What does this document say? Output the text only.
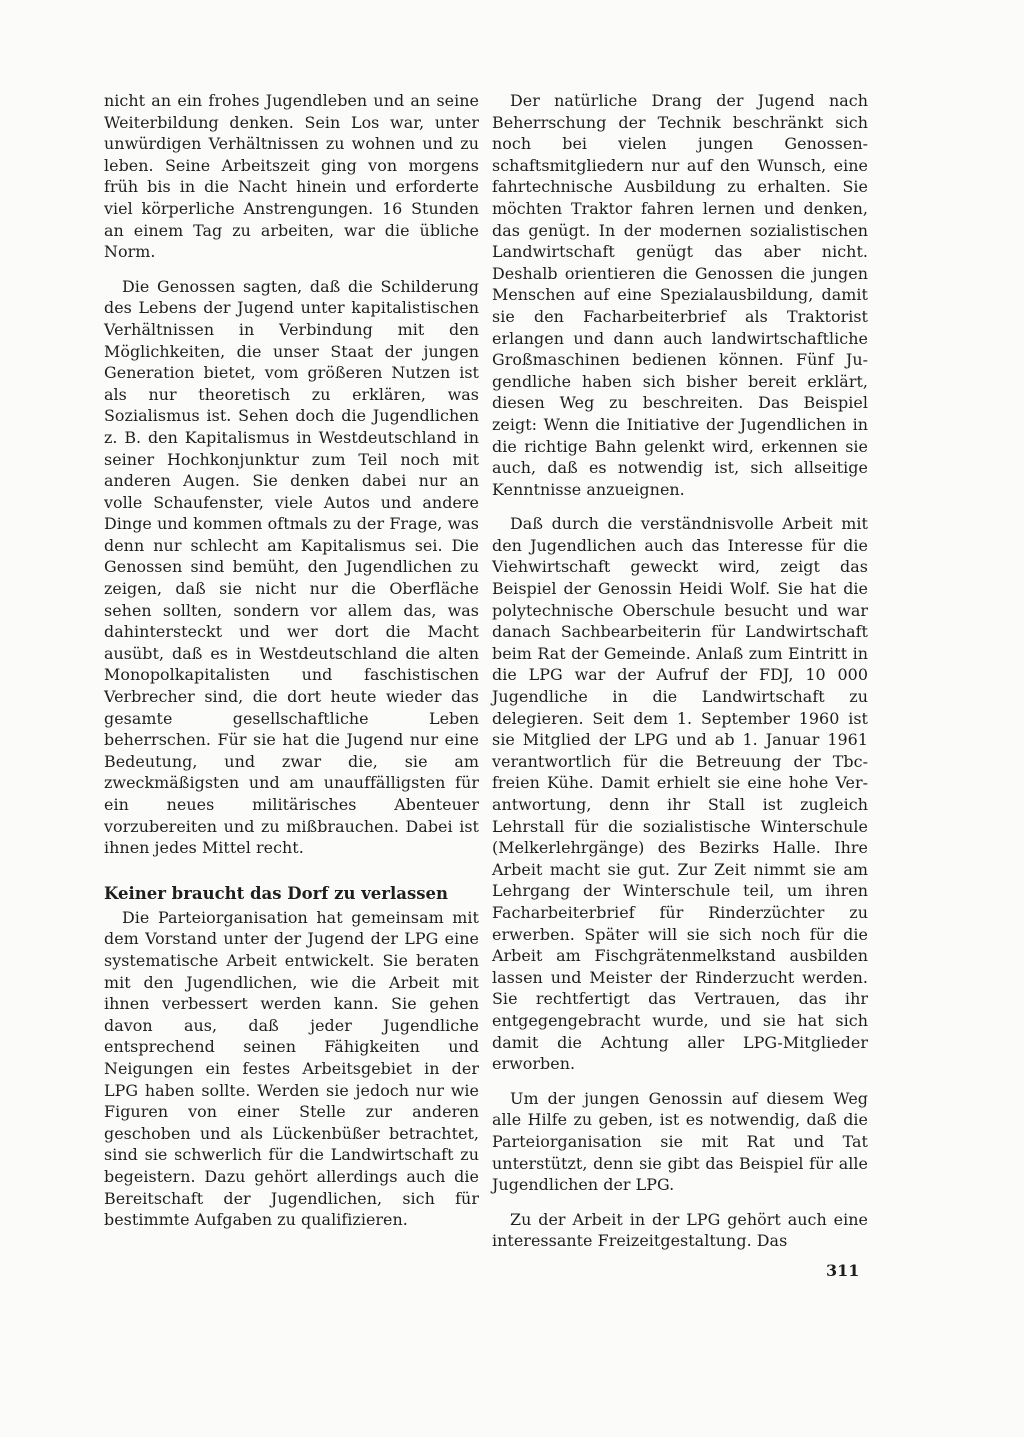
nicht an ein frohes Jugendleben und an seine Weiterbildung denken. Sein Los war, unter unwürdigen Verhältnissen zu wohnen und zu leben. Seine Arbeitszeit ging von morgens früh bis in die Nacht hinein und erforderte viel körperliche Anstrengungen. 16 Stunden an einem Tag zu arbeiten, war die übliche Norm.

Die Genossen sagten, daß die Schilderung des Lebens der Jugend unter kapitalistischen Verhältnissen in Verbindung mit den Möglichkeiten, die unser Staat der jungen Generation bietet, vom größeren Nutzen ist als nur theoretisch zu erklären, was Sozialismus ist. Sehen doch die Jugendlichen z. B. den Kapitalismus in Westdeutschland in seiner Hochkonjunktur zum Teil noch mit anderen Augen. Sie denken dabei nur an volle Schaufenster, viele Autos und andere Dinge und kommen oftmals zu der Frage, was denn nur schlecht am Kapitalismus sei. Die Genossen sind bemüht, den Jugendlichen zu zeigen, daß sie nicht nur die Oberfläche sehen sollten, sondern vor allem das, was dahintersteckt und wer dort die Macht ausübt, daß es in Westdeutschland die alten Monopolkapitalisten und faschistischen Verbrecher sind, die dort heute wieder das gesamte gesellschaftliche Leben beherrschen. Für sie hat die Jugend nur eine Bedeutung, und zwar die, sie am zweckmäßigsten und am unauffälligsten für ein neues militärisches Abenteuer vorzubereiten und zu mißbrauchen. Dabei ist ihnen jedes Mittel recht.

Keiner braucht das Dorf zu verlassen

Die Parteiorganisation hat gemeinsam mit dem Vorstand unter der Jugend der LPG eine systematische Arbeit entwickelt. Sie beraten mit den Jugendlichen, wie die Arbeit mit ihnen verbessert werden kann. Sie gehen davon aus, daß jeder Jugendliche entsprechend seinen Fähigkeiten und Neigungen ein festes Arbeitsgebiet in der LPG haben sollte. Werden sie jedoch nur wie Figuren von einer Stelle zur anderen geschoben und als Lückenbüßer betrachtet, sind sie schwerlich für die Landwirtschaft zu begeistern. Dazu gehört allerdings auch die Bereitschaft der Jugendlichen, sich für bestimmte Aufgaben zu qualifizieren.

Der natürliche Drang der Jugend nach Beherrschung der Technik beschränkt sich noch bei vielen jungen Genossenschaftsmitgliedern nur auf den Wunsch, eine fahrtechnische Ausbildung zu erhalten. Sie möchten Traktor fahren lernen und denken, das genügt. In der modernen sozialistischen Landwirtschaft genügt das aber nicht. Deshalb orientieren die Genossen die jungen Menschen auf eine Spezialausbildung, damit sie den Facharbeiterbrief als Traktorist erlangen und dann auch landwirtschaftliche Großmaschinen bedienen können. Fünf Jugendliche haben sich bisher bereit erklärt, diesen Weg zu beschreiten. Das Beispiel zeigt: Wenn die Initiative der Jugendlichen in die richtige Bahn gelenkt wird, erkennen sie auch, daß es notwendig ist, sich allseitige Kenntnisse anzueignen.

Daß durch die verständnisvolle Arbeit mit den Jugendlichen auch das Interesse für die Viehwirtschaft geweckt wird, zeigt das Beispiel der Genossin Heidi Wolf. Sie hat die polytechnische Oberschule besucht und war danach Sachbearbeiterin für Landwirtschaft beim Rat der Gemeinde. Anlaß zum Eintritt in die LPG war der Aufruf der FDJ, 10 000 Jugendliche in die Landwirtschaft zu delegieren. Seit dem 1. September 1960 ist sie Mitglied der LPG und ab 1. Januar 1961 verantwortlich für die Betreuung der Tbc-freien Kühe. Damit erhielt sie eine hohe Verantwortung, denn ihr Stall ist zugleich Lehrstall für die sozialistische Winterschule (Melkerlehrgänge) des Bezirks Halle. Ihre Arbeit macht sie gut. Zur Zeit nimmt sie am Lehrgang der Winterschule teil, um ihren Facharbeiterbrief für Rinderzüchter zu erwerben. Später will sie sich noch für die Arbeit am Fischgrätenmelkstand ausbilden lassen und Meister der Rinderzucht werden. Sie rechtfertigt das Vertrauen, das ihr entgegengebracht wurde, und sie hat sich damit die Achtung aller LPG-Mitglieder erworben.

Um der jungen Genossin auf diesem Weg alle Hilfe zu geben, ist es notwendig, daß die Parteiorganisation sie mit Rat und Tat unterstützt, denn sie gibt das Beispiel für alle Jugendlichen der LPG.

Zu der Arbeit in der LPG gehört auch eine interessante Freizeitgestaltung. Das

311
